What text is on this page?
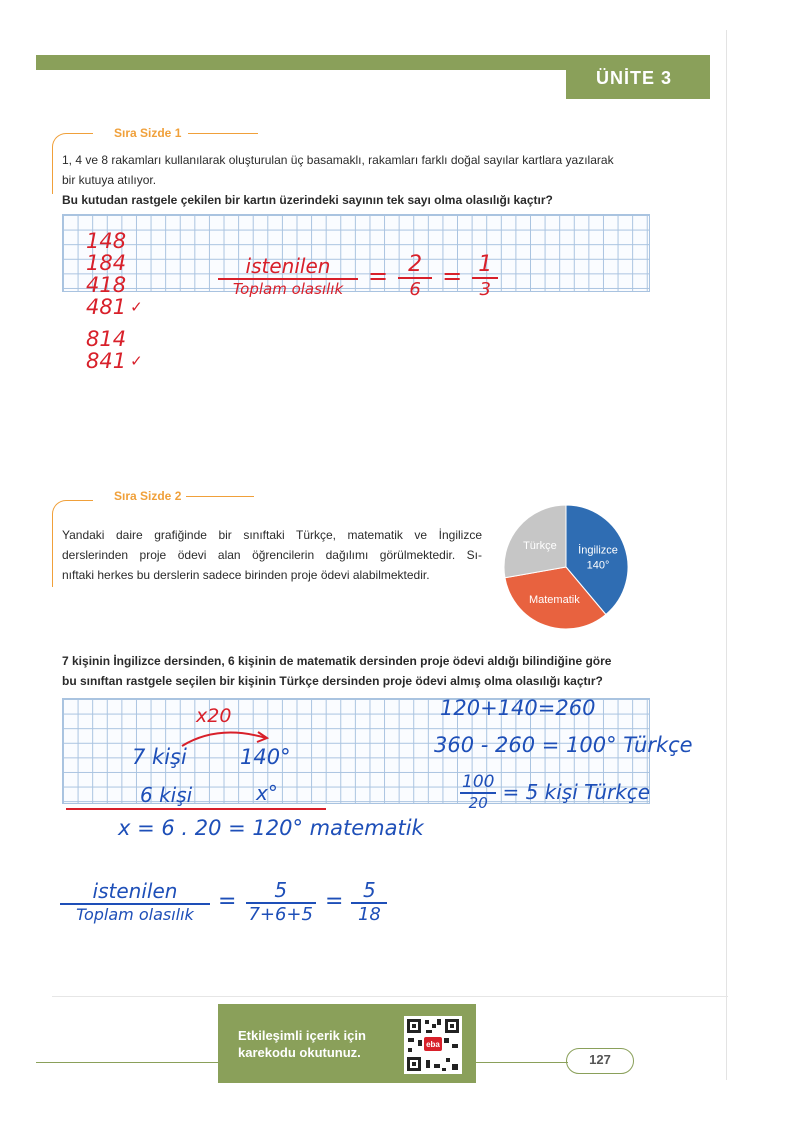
ÜNİTE 3
Sıra Sizde 1
1, 4 ve 8 rakamları kullanılarak oluşturulan üç basamaklı, rakamları farklı doğal sayılar kartlara yazılarak
bir kutuya atılıyor.
Bu kutudan rastgele çekilen bir kartın üzerindeki sayının tek sayı olma olasılığı kaçtır?
148
184
418
481 ✓
814
841 ✓
$\frac{\text{istenilen}}{\text{Toplam olasılık}} = \frac{2}{6} = \frac{1}{3}$
Sıra Sizde 2
Yandaki daire grafiğinde bir sınıftaki Türkçe, matematik ve İngilizce
derslerinden proje ödevi alan öğrencilerin dağılımı görülmektedir. Sı-
nıftaki herkes bu derslerin sadece birinden proje ödevi alabilmektedir.
İngilizce
140°
Matematik
Türkçe
7 kişinin İngilizce dersinden, 6 kişinin de matematik dersinden proje ödevi aldığı bilindiğine göre
bu sınıftan rastgele seçilen bir kişinin Türkçe dersinden proje ödevi almış olma olasılığı kaçtır?
x20
7 kişi	140°
6 kişi	x°
x = 6 . 20 = 120° matematik
120+140=260
360 - 260 = 100° Türkçe
$\frac{100}{20} = 5$ kişi Türkçe
$\frac{\text{istenilen}}{\text{Toplam olasılık}} = \frac{5}{7+6+5} = \frac{5}{18}$
Etkileşimli içerik için
karekodu okutunuz.
eba
127
